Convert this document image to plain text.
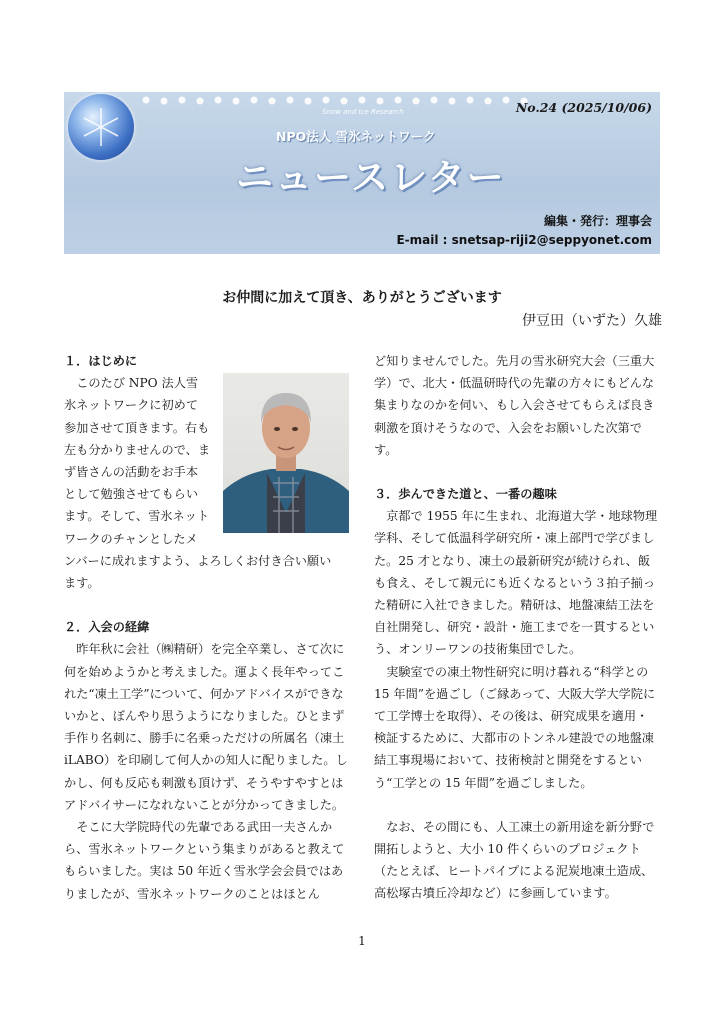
No.24 (2025/10/06)
Snow and Ice Research
NPO法人 雪氷ネットワーク
ニュースレター
編集・発行：理事会
E-mail : snetsap-riji2@seppyonet.com
お仲間に加えて頂き、ありがとうございます
伊豆田（いずた）久雄

１．はじめに

このたび NPO 法人雪

氷ネットワークに初めて

参加させて頂きます。右も

左も分かりませんので、ま

ず皆さんの活動をお手本

として勉強させてもらい

ます。そして、雪氷ネット

ワークのチャンとしたメ

ンバーに成れますよう、よろしくお付き合い願い

ます。

２．入会の経緯

昨年秋に会社（㈱精研）を完全卒業し、さて次に何を始めようかと考えました。運よく長年やってこれた“凍土工学”について、何かアドバイスができないかと、ぼんやり思うようになりました。ひとまず手作り名刺に、勝手に名乗っただけの所属名（凍土 iLABO）を印刷して何人かの知人に配りました。しかし、何も反応も刺激も頂けず、そうやすやすとはアドバイサーになれないことが分かってきました。

そこに大学院時代の先輩である武田一夫さんから、雪氷ネットワークという集まりがあると教えてもらいました。実は 50 年近く雪氷学会会員ではありましたが、雪氷ネットワークのことはほとん

ど知りませんでした。先月の雪氷研究大会（三重大学）で、北大・低温研時代の先輩の方々にもどんな集まりなのかを伺い、もし入会させてもらえば良き刺激を頂けそうなので、入会をお願いした次第です。

３．歩んできた道と、一番の趣味

京都で 1955 年に生まれ、北海道大学・地球物理学科、そして低温科学研究所・凍上部門で学びました。25 才となり、凍土の最新研究が続けられ、飯も食え、そして親元にも近くなるという３拍子揃った精研に入社できました。精研は、地盤凍結工法を自社開発し、研究・設計・施工までを一貫するという、オンリーワンの技術集団でした。

実験室での凍土物性研究に明け暮れる“科学との 15 年間”を過ごし（ご縁あって、大阪大学大学院にて工学博士を取得）、その後は、研究成果を適用・検証するために、大都市のトンネル建設での地盤凍結工事現場において、技術検討と開発をするという“工学との 15 年間”を過ごしました。

なお、その間にも、人工凍土の新用途を新分野で開拓しようと、大小 10 件くらいのプロジェクト（たとえば、ヒートパイプによる泥炭地凍土造成、高松塚古墳丘冷却など）に参画しています。

1
